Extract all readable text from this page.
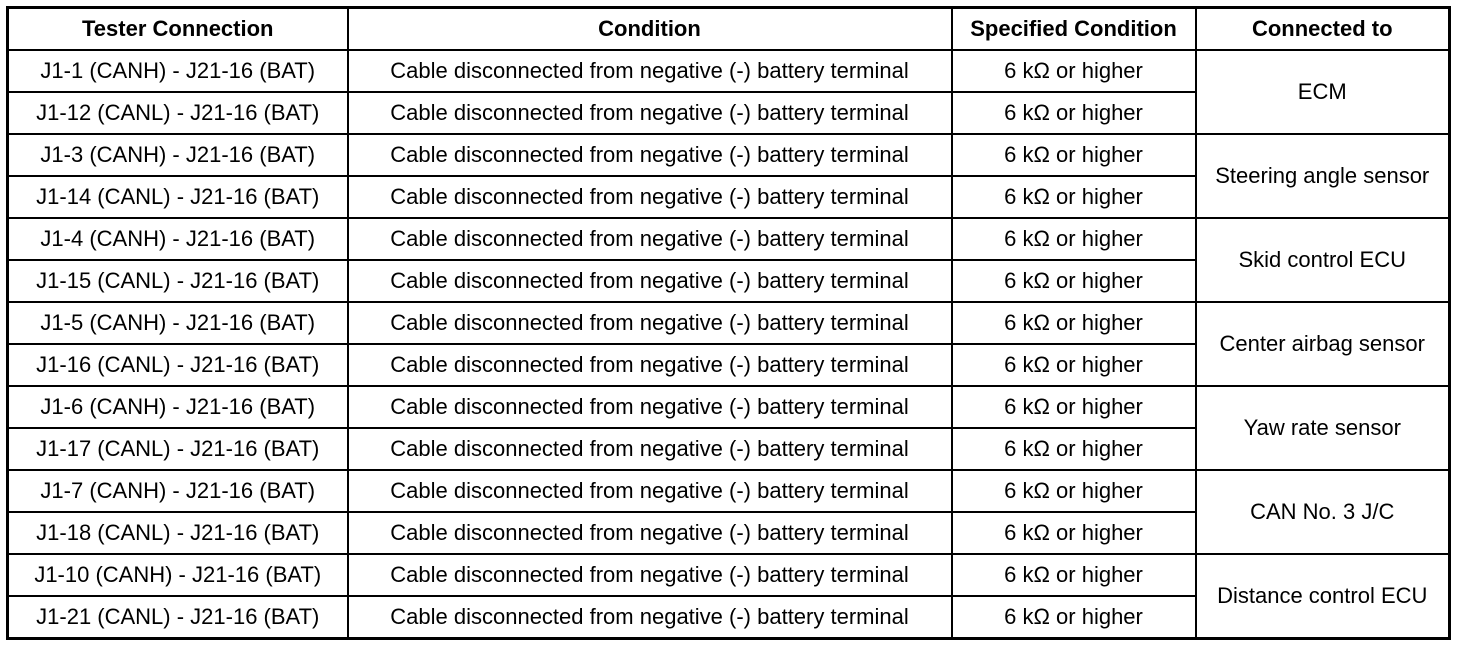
Tester Connection	Condition	Specified Condition	Connected to
J1-1 (CANH) - J21-16 (BAT)	Cable disconnected from negative (-) battery terminal	6 kΩ or higher	ECM
J1-12 (CANL) - J21-16 (BAT)	Cable disconnected from negative (-) battery terminal	6 kΩ or higher	
J1-3 (CANH) - J21-16 (BAT)	Cable disconnected from negative (-) battery terminal	6 kΩ or higher	Steering angle sensor
J1-14 (CANL) - J21-16 (BAT)	Cable disconnected from negative (-) battery terminal	6 kΩ or higher	
J1-4 (CANH) - J21-16 (BAT)	Cable disconnected from negative (-) battery terminal	6 kΩ or higher	Skid control ECU
J1-15 (CANL) - J21-16 (BAT)	Cable disconnected from negative (-) battery terminal	6 kΩ or higher	
J1-5 (CANH) - J21-16 (BAT)	Cable disconnected from negative (-) battery terminal	6 kΩ or higher	Center airbag sensor
J1-16 (CANL) - J21-16 (BAT)	Cable disconnected from negative (-) battery terminal	6 kΩ or higher	
J1-6 (CANH) - J21-16 (BAT)	Cable disconnected from negative (-) battery terminal	6 kΩ or higher	Yaw rate sensor
J1-17 (CANL) - J21-16 (BAT)	Cable disconnected from negative (-) battery terminal	6 kΩ or higher	
J1-7 (CANH) - J21-16 (BAT)	Cable disconnected from negative (-) battery terminal	6 kΩ or higher	CAN No. 3 J/C
J1-18 (CANL) - J21-16 (BAT)	Cable disconnected from negative (-) battery terminal	6 kΩ or higher	
J1-10 (CANH) - J21-16 (BAT)	Cable disconnected from negative (-) battery terminal	6 kΩ or higher	Distance control ECU
J1-21 (CANL) - J21-16 (BAT)	Cable disconnected from negative (-) battery terminal	6 kΩ or higher	
